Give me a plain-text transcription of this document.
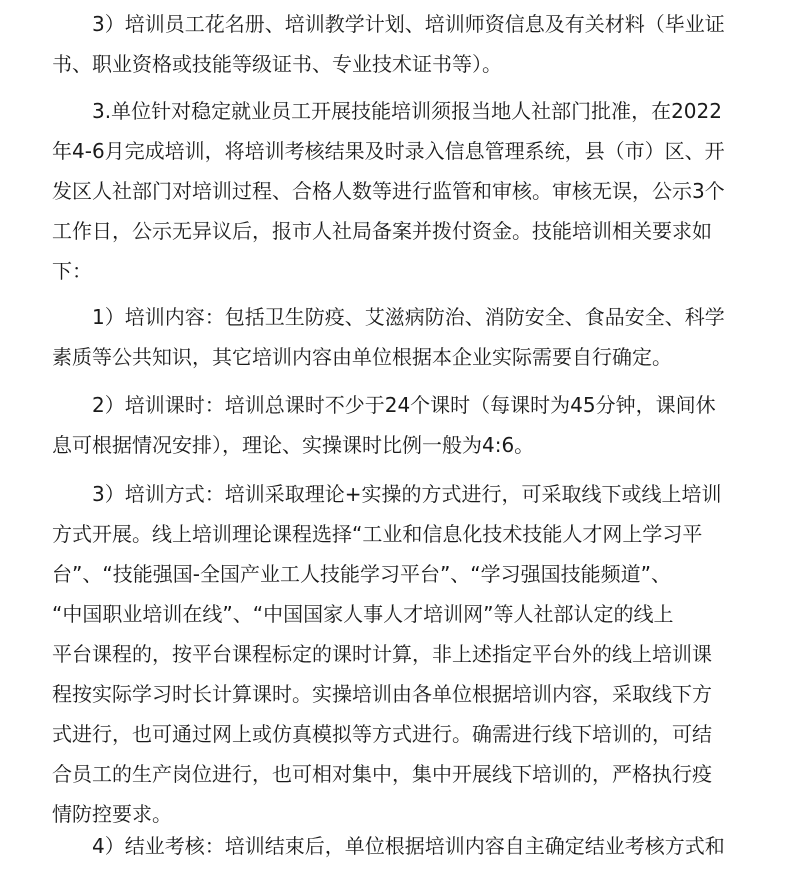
3）培训员工花名册、培训教学计划、培训师资信息及有关材料（毕业证
书、职业资格或技能等级证书、专业技术证书等）。
3.单位针对稳定就业员工开展技能培训须报当地人社部门批准，在2022
年4-6月完成培训，将培训考核结果及时录入信息管理系统，县（市）区、开
发区人社部门对培训过程、合格人数等进行监管和审核。审核无误，公示3个
工作日，公示无异议后，报市人社局备案并拨付资金。技能培训相关要求如
下：
1）培训内容：包括卫生防疫、艾滋病防治、消防安全、食品安全、科学
素质等公共知识，其它培训内容由单位根据本企业实际需要自行确定。
2）培训课时：培训总课时不少于24个课时（每课时为45分钟，课间休
息可根据情况安排），理论、实操课时比例一般为4:6。
3）培训方式：培训采取理论+实操的方式进行，可采取线下或线上培训
方式开展。线上培训理论课程选择“工业和信息化技术技能人才网上学习平
台”、“技能强国-全国产业工人技能学习平台”、“学习强国技能频道”、
“中国职业培训在线”、“中国国家人事人才培训网”等人社部认定的线上
平台课程的，按平台课程标定的课时计算，非上述指定平台外的线上培训课
程按实际学习时长计算课时。实操培训由各单位根据培训内容，采取线下方
式进行，也可通过网上或仿真模拟等方式进行。确需进行线下培训的，可结
合员工的生产岗位进行，也可相对集中，集中开展线下培训的，严格执行疫
情防控要求。
4）结业考核：培训结束后，单位根据培训内容自主确定结业考核方式和
